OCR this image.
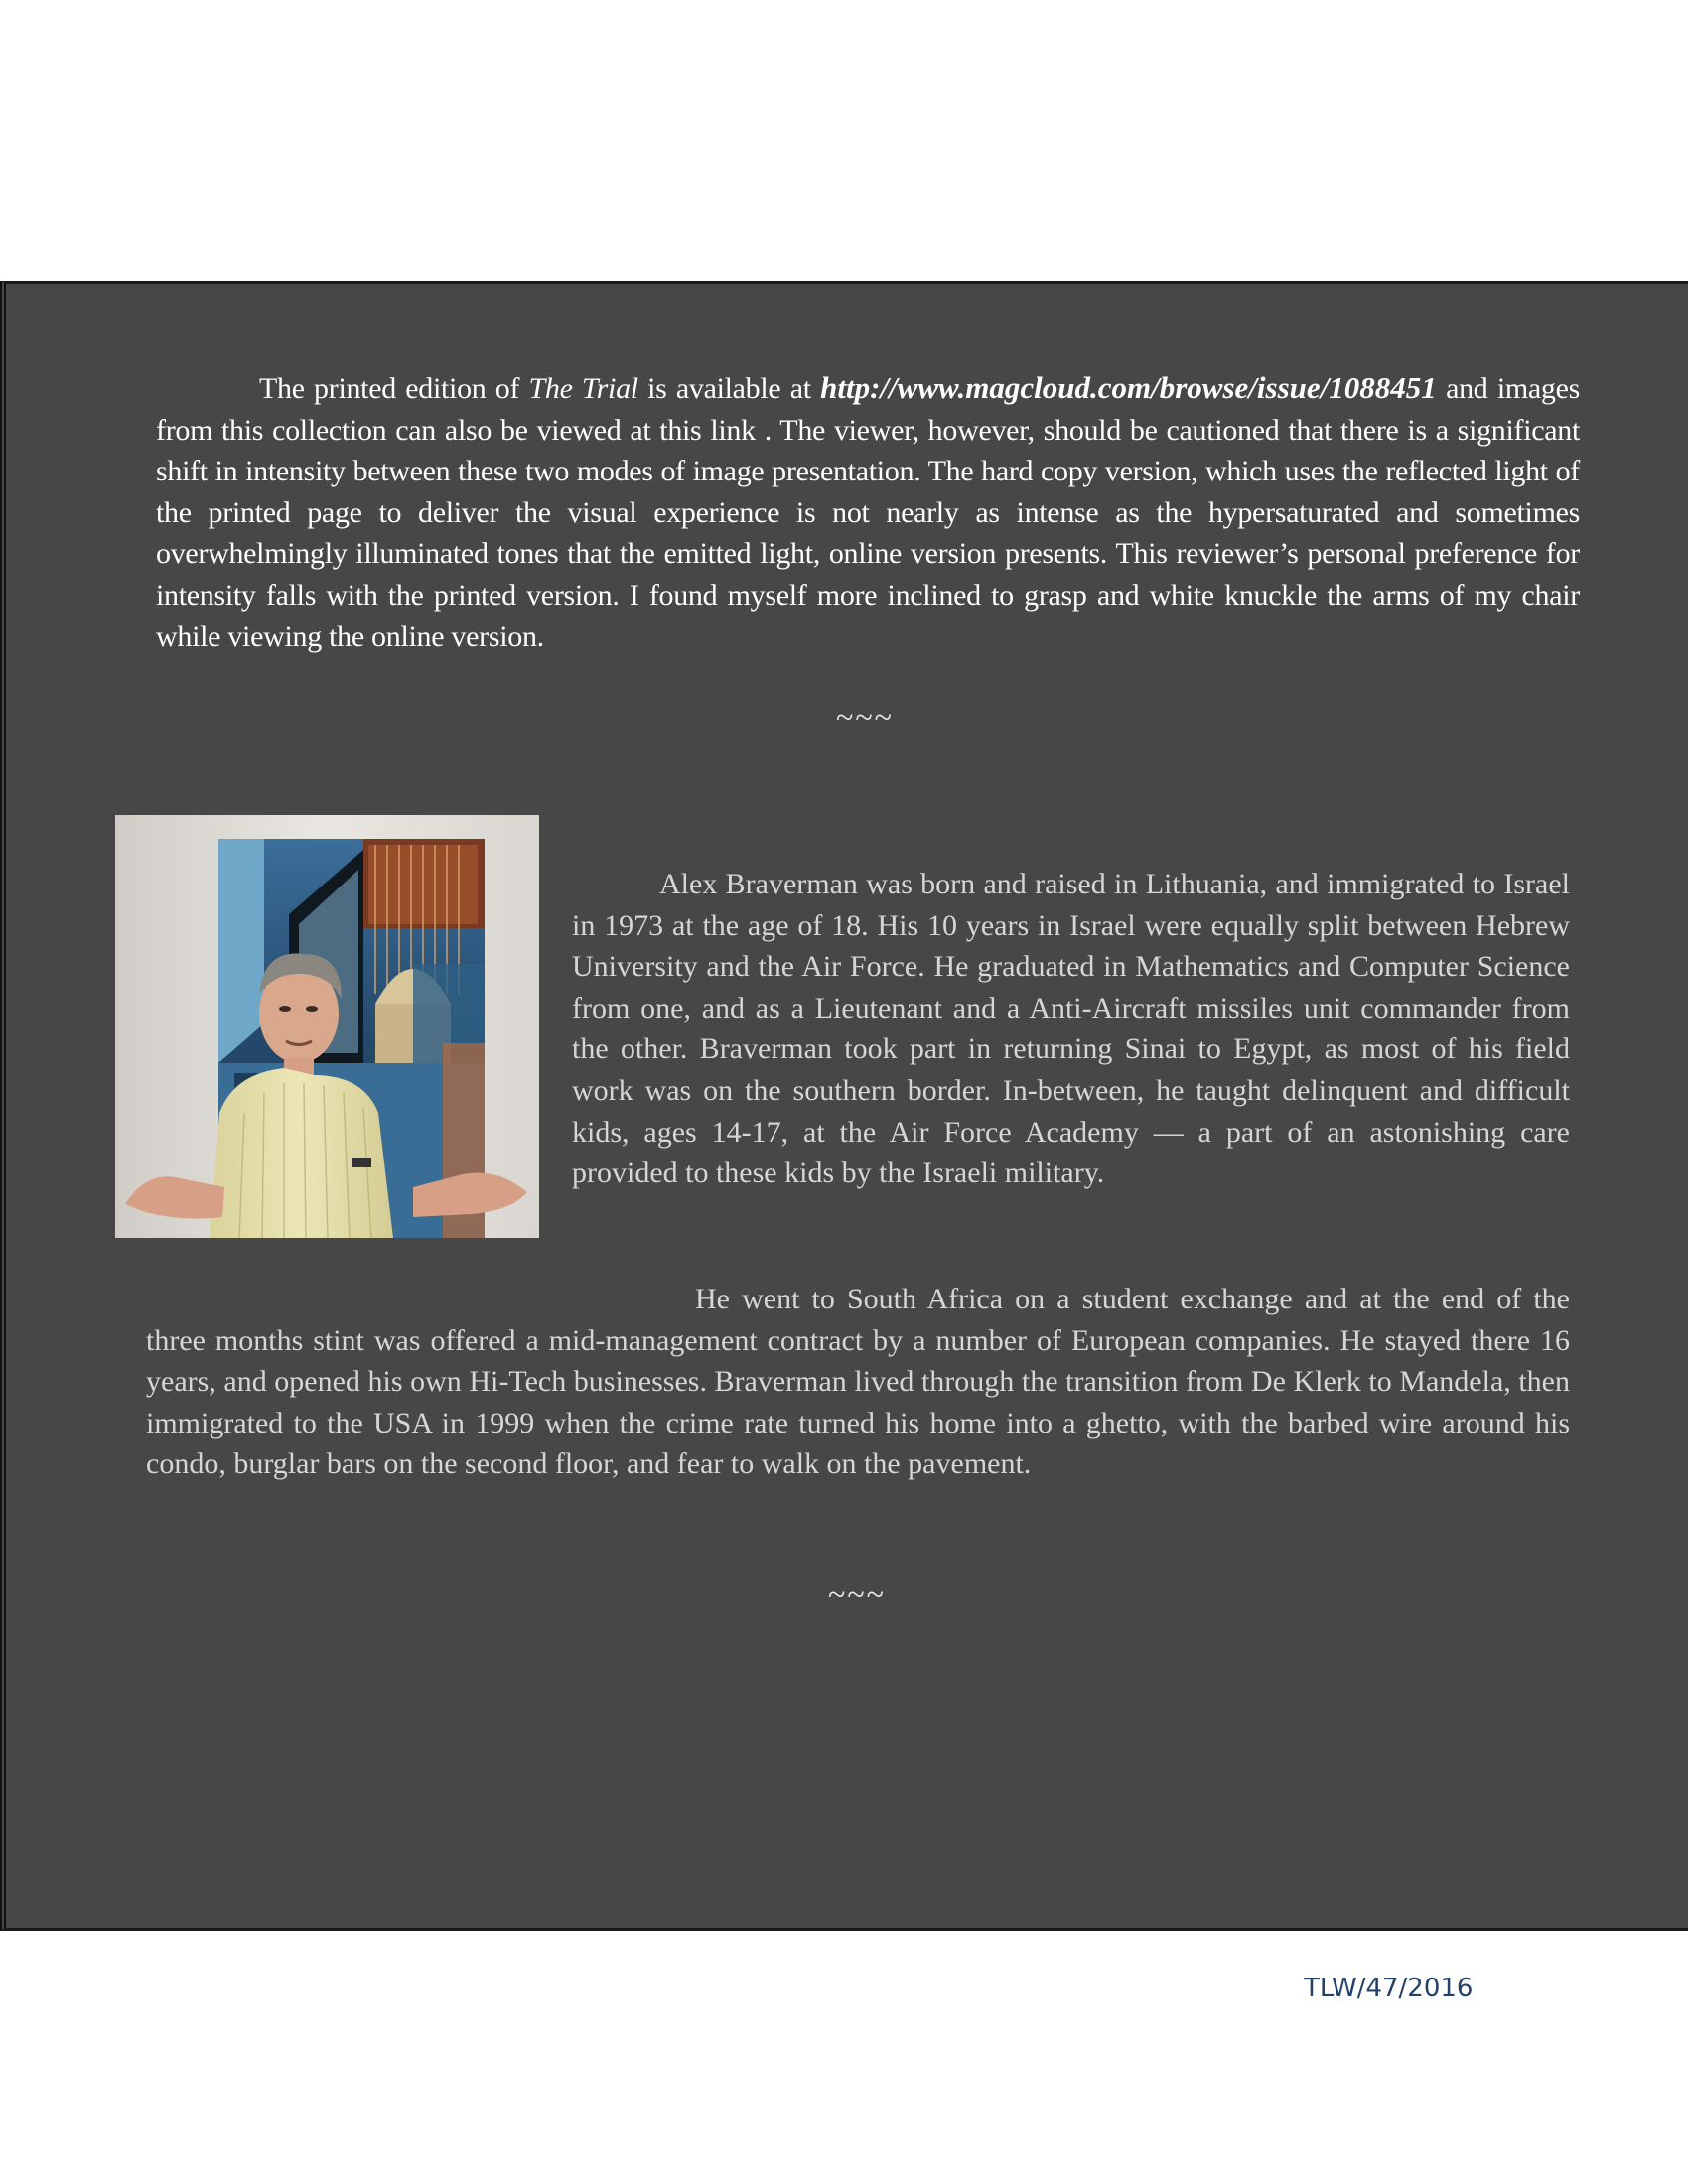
The printed edition of The Trial is available at http://www.magcloud.com/browse/issue/1088451 and images from this collection can also be viewed at this link . The viewer, however, should be cautioned that there is a significant shift in intensity between these two modes of image presentation. The hard copy version, which uses the reflected light of the printed page to deliver the visual experience is not nearly as intense as the hypersaturated and sometimes overwhelmingly illuminated tones that the emitted light, online version presents. This reviewer’s personal preference for intensity falls with the printed version. I found myself more inclined to grasp and white knuckle the arms of my chair while viewing the online version.
~~~
Alex Braverman was born and raised in Lithuania, and immigrated to Israel in 1973 at the age of 18. His 10 years in Israel were equally split between Hebrew University and the Air Force. He graduated in Mathematics and Computer Science from one, and as a Lieutenant and a Anti-Aircraft missiles unit commander from the other. Braverman took part in returning Sinai to Egypt, as most of his field work was on the southern border. In-between, he taught delinquent and difficult kids, ages 14-17, at the Air Force Academy — a part of an astonishing care provided to these kids by the Israeli military.
He went to South Africa on a student exchange and at the end of the three months stint was offered a mid-management contract by a number of European companies. He stayed there 16 years, and opened his own Hi-Tech businesses. Braverman lived through the transition from De Klerk to Mandela, then immigrated to the USA in 1999 when the crime rate turned his home into a ghetto, with the barbed wire around his condo, burglar bars on the second floor, and fear to walk on the pavement.
~~~
TLW/47/2016
